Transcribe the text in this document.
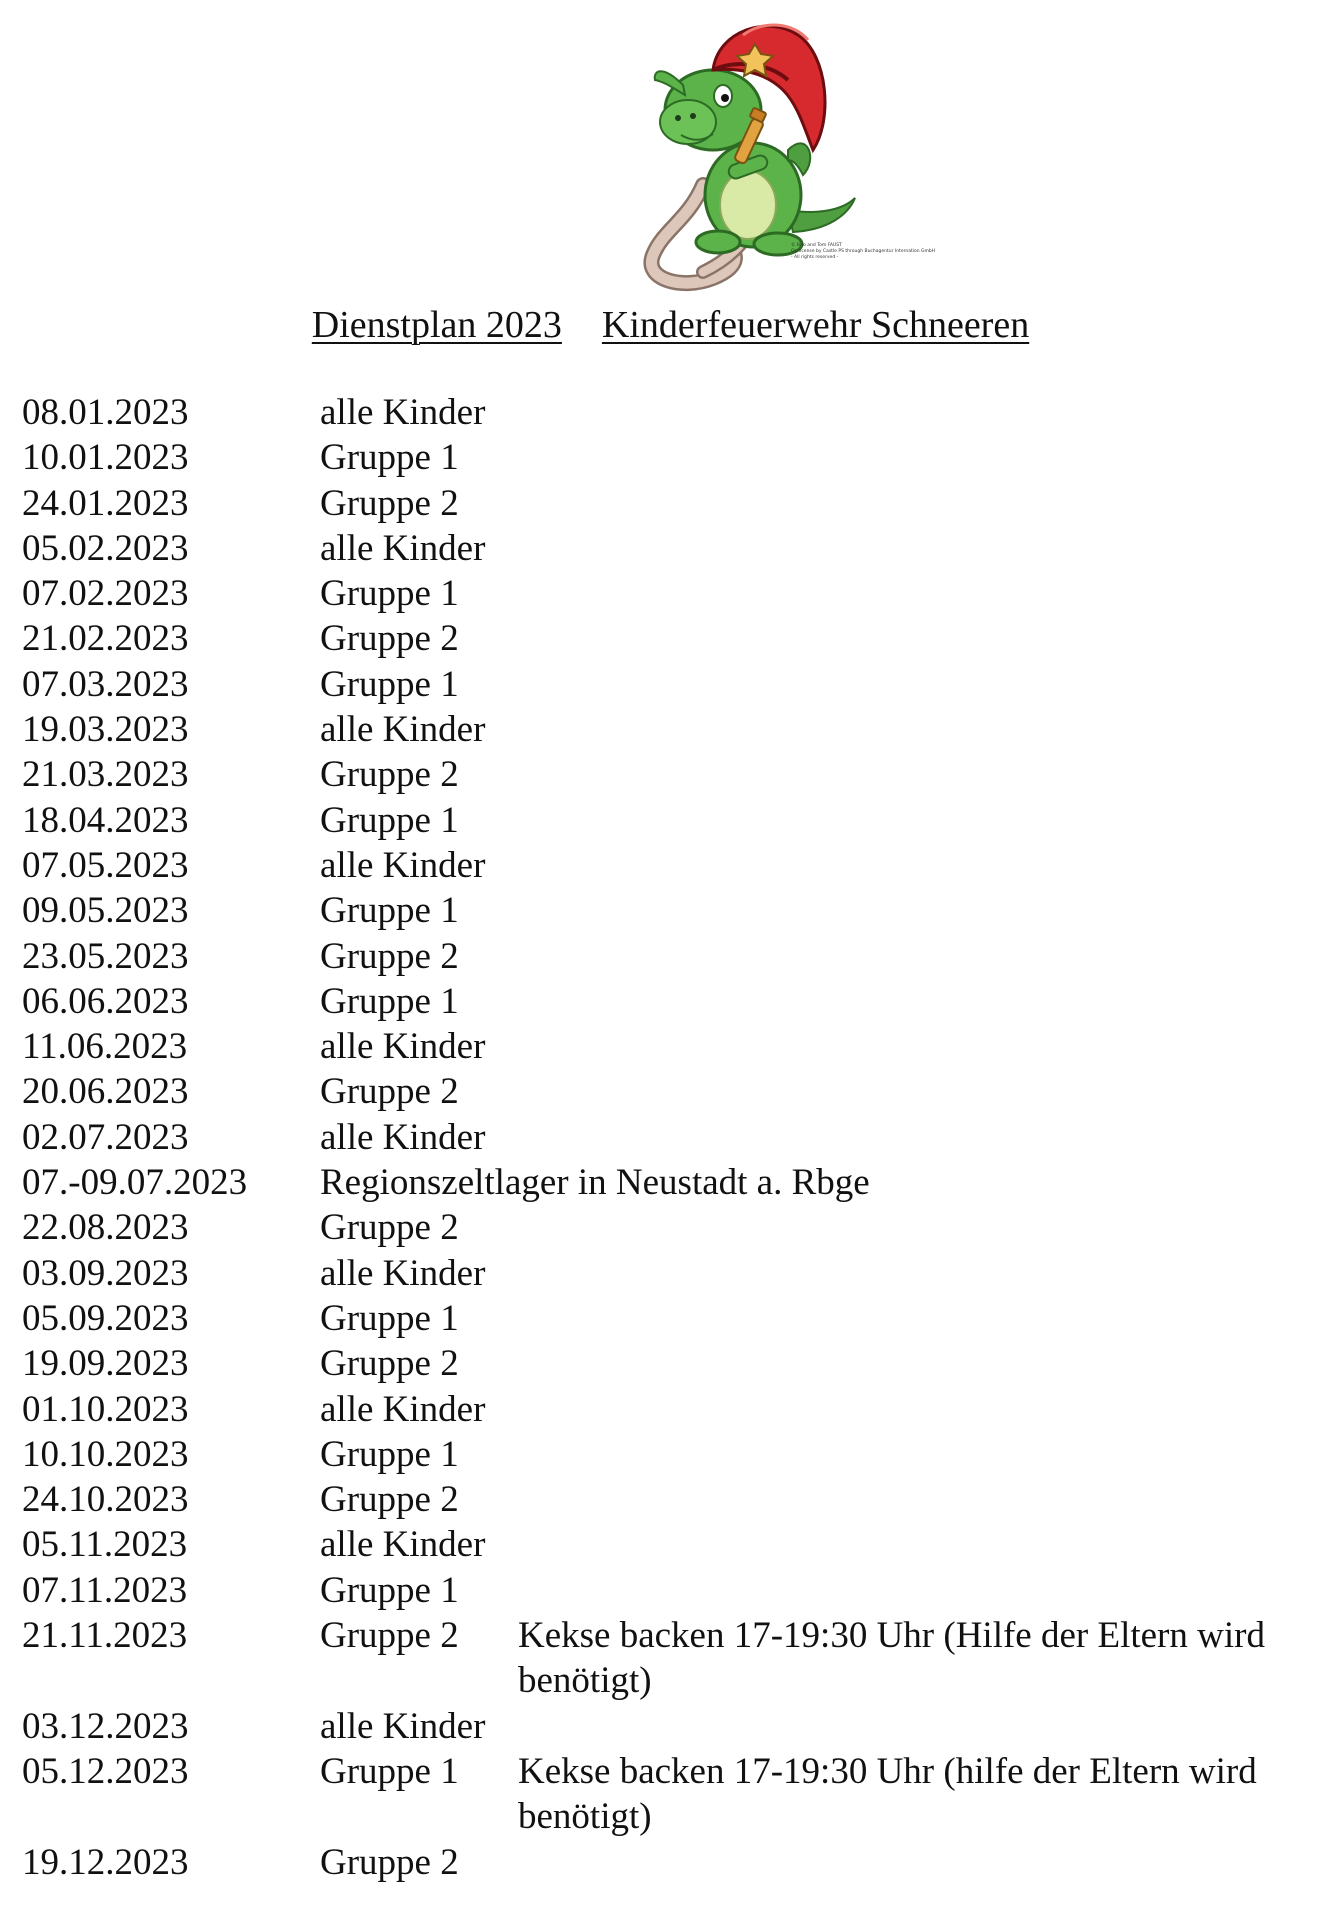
© Brio and Tom FAUST
On license by Castle PS through Buchagentur Internation GmbH
- All rights reserved -
Dienstplan 2023 Kinderfeuerwehr Schneeren
08.01.2023	alle Kinder
10.01.2023	Gruppe 1
24.01.2023	Gruppe 2
05.02.2023	alle Kinder
07.02.2023	Gruppe 1
21.02.2023	Gruppe 2
07.03.2023	Gruppe 1
19.03.2023	alle Kinder
21.03.2023	Gruppe 2
18.04.2023	Gruppe 1
07.05.2023	alle Kinder
09.05.2023	Gruppe 1
23.05.2023	Gruppe 2
06.06.2023	Gruppe 1
11.06.2023	alle Kinder
20.06.2023	Gruppe 2
02.07.2023	alle Kinder
07.-09.07.2023 Regionszeltlager in Neustadt a. Rbge
22.08.2023	Gruppe 2
03.09.2023	alle Kinder
05.09.2023	Gruppe 1
19.09.2023	Gruppe 2
01.10.2023	alle Kinder
10.10.2023	Gruppe 1
24.10.2023	Gruppe 2
05.11.2023	alle Kinder
07.11.2023	Gruppe 1
21.11.2023	Gruppe 2 Kekse backen 17-19:30 Uhr (Hilfe der Eltern wird benötigt)
03.12.2023	alle Kinder
05.12.2023	Gruppe 1 Kekse backen 17-19:30 Uhr (hilfe der Eltern wird benötigt)
19.12.2023	Gruppe 2
